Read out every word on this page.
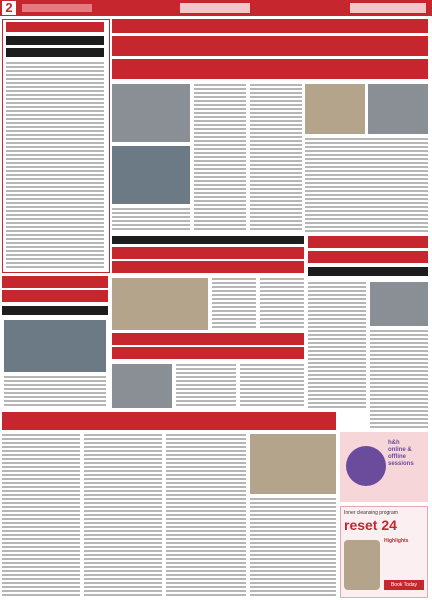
2
h&h
online &
offline
sessions
Inner cleansing program
reset 24
Highlights
Book Today
